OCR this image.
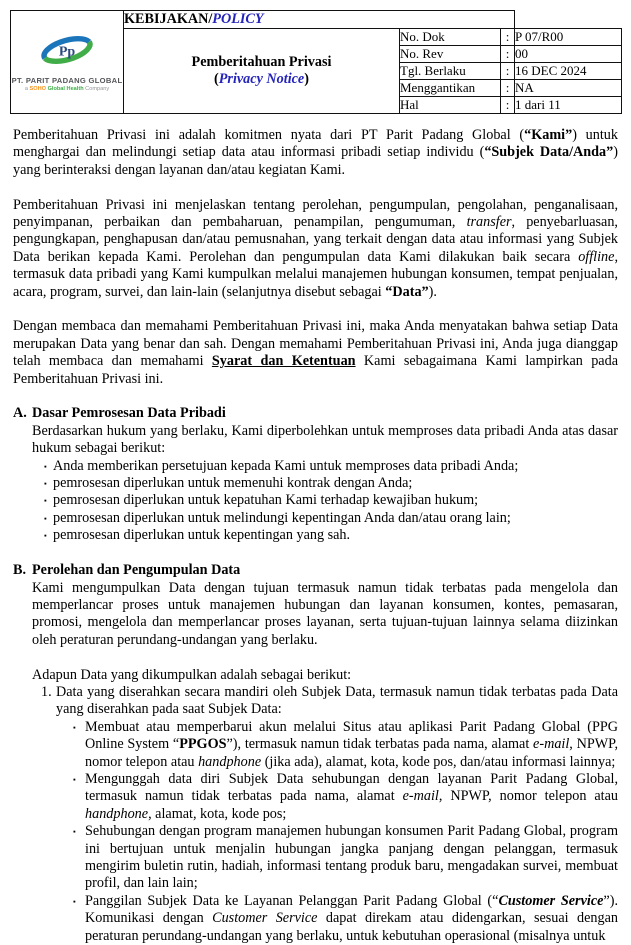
Pp
PT. PARIT PADANG GLOBAL
a SOHO Global Health Company	KEBIJAKAN/POLICY			

	Pemberitahuan Privasi
(Privacy Notice)	No. Dok	:	P 07/R00
		No. Rev	:	00
		Tgl. Berlaku	:	16 DEC 2024
		Menggantikan	:	NA
		Hal	:	1 dari 11

Pemberitahuan Privasi ini adalah komitmen nyata dari PT Parit Padang Global (“Kami”) untuk menghargai dan melindungi setiap data atau informasi pribadi setiap individu (“Subjek Data/Anda”) yang berinteraksi dengan layanan dan/atau kegiatan Kami.

Pemberitahuan Privasi ini menjelaskan tentang perolehan, pengumpulan, pengolahan, penganalisaan, penyimpanan, perbaikan dan pembaharuan, penampilan, pengumuman, transfer, penyebarluasan, pengungkapan, penghapusan dan/atau pemusnahan, yang terkait dengan data atau informasi yang Subjek Data berikan kepada Kami. Perolehan dan pengumpulan data Kami dilakukan baik secara offline, termasuk data pribadi yang Kami kumpulkan melalui manajemen hubungan konsumen, tempat penjualan, acara, program, survei, dan lain-lain (selanjutnya disebut sebagai “Data”).

Dengan membaca dan memahami Pemberitahuan Privasi ini, maka Anda menyatakan bahwa setiap Data merupakan Data yang benar dan sah. Dengan memahami Pemberitahuan Privasi ini, Anda juga dianggap telah membaca dan memahami Syarat dan Ketentuan Kami sebagaimana Kami lampirkan pada Pemberitahuan Privasi ini.

A. Dasar Pemrosesan Data Pribadi
Berdasarkan hukum yang berlaku, Kami diperbolehkan untuk memproses data pribadi Anda atas dasar hukum sebagai berikut:
▪ Anda memberikan persetujuan kepada Kami untuk memproses data pribadi Anda;
▪ pemrosesan diperlukan untuk memenuhi kontrak dengan Anda;
▪ pemrosesan diperlukan untuk kepatuhan Kami terhadap kewajiban hukum;
▪ pemrosesan diperlukan untuk melindungi kepentingan Anda dan/atau orang lain;
▪ pemrosesan diperlukan untuk kepentingan yang sah.
B. Perolehan dan Pengumpulan Data
Kami mengumpulkan Data dengan tujuan termasuk namun tidak terbatas pada mengelola dan memperlancar proses untuk manajemen hubungan dan layanan konsumen, kontes, pemasaran, promosi, mengelola dan memperlancar proses layanan, serta tujuan-tujuan lainnya selama diizinkan oleh peraturan perundang-undangan yang berlaku.
Adapun Data yang dikumpulkan adalah sebagai berikut:
1. Data yang diserahkan secara mandiri oleh Subjek Data, termasuk namun tidak terbatas pada Data yang diserahkan pada saat Subjek Data:
▪ Membuat atau memperbarui akun melalui Situs atau aplikasi Parit Padang Global (PPG Online System “PPGOS”), termasuk namun tidak terbatas pada nama, alamat e-mail, NPWP, nomor telepon atau handphone (jika ada), alamat, kota, kode pos, dan/atau informasi lainnya;
▪ Mengunggah data diri Subjek Data sehubungan dengan layanan Parit Padang Global, termasuk namun tidak terbatas pada nama, alamat e-mail, NPWP, nomor telepon atau handphone, alamat, kota, kode pos;
▪ Sehubungan dengan program manajemen hubungan konsumen Parit Padang Global, program ini bertujuan untuk menjalin hubungan jangka panjang dengan pelanggan, termasuk mengirim buletin rutin, hadiah, informasi tentang produk baru, mengadakan survei, membuat profil, dan lain lain;
▪ Panggilan Subjek Data ke Layanan Pelanggan Parit Padang Global (“Customer Service”). Komunikasi dengan Customer Service dapat direkam atau didengarkan, sesuai dengan peraturan perundang-undangan yang berlaku, untuk kebutuhan operasional (misalnya untuk
